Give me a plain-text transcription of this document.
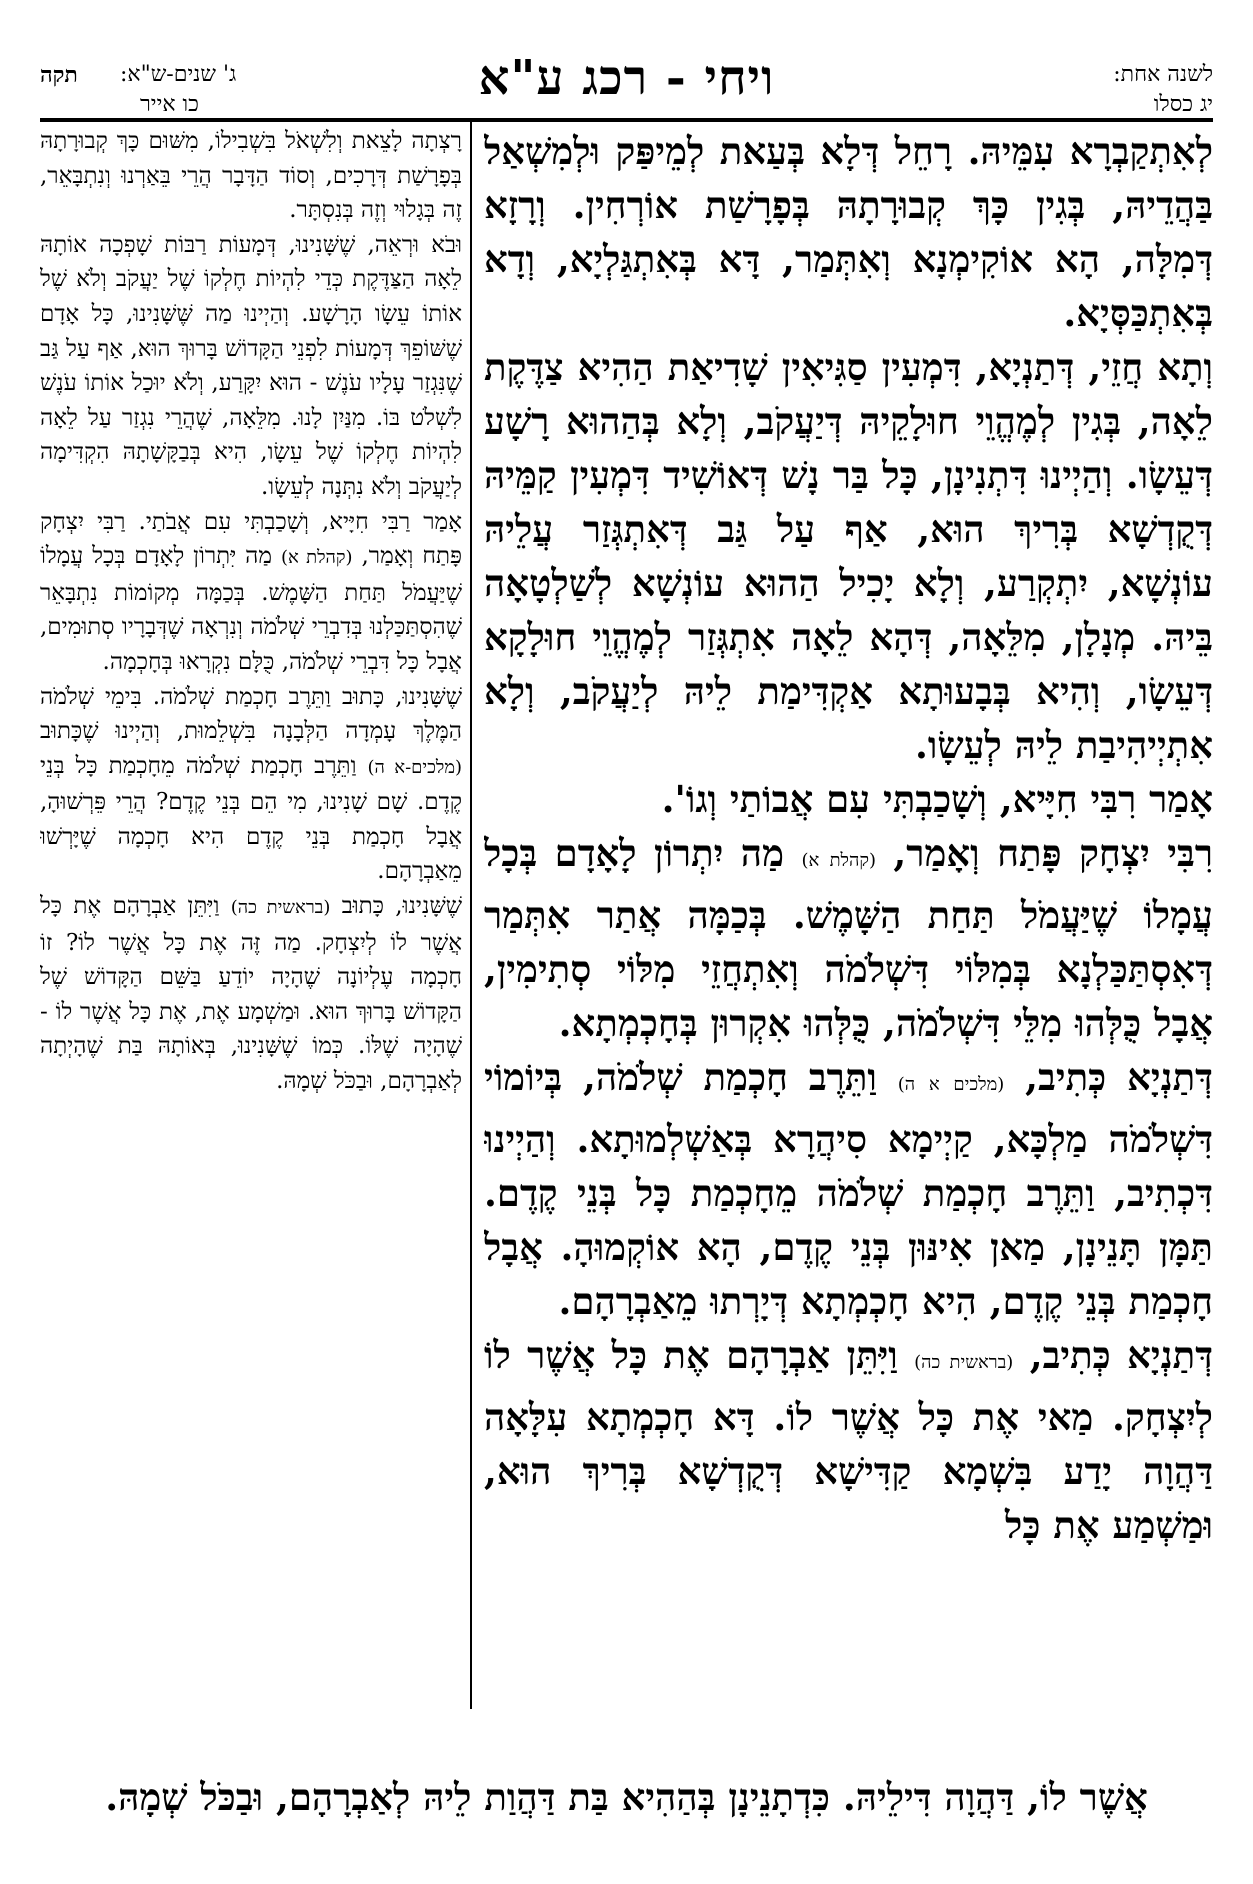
לשנה אחת:
יג כסלו
ויחי - רכג ע"א
תקה ג' שנים-ש"א:
כו אייר

לְאִתְקַבְרָא עִמֵּיהּ. רָחֵל דְּלָא בְּעַאת לְמֵיפַּק וּלְמִשְׁאַל בַּהֲדֵיהּ, בְּגִין כָּךְ קְבוּרָתָהּ בְּפָרָשַׁת אוֹרְחִין. וְרָזָא דְּמִלָּה, הָא אוֹקִימְנָא וְאִתְּמַר, דָּא בְּאִתְגַּלְיָא, וְדָא בְּאִתְכַּסְּיָא.

וְתָא חֲזֵי, דְּתַנְיָא, דִּמְעִין סַגִּיאִין שָׁדִיאַת הַהִיא צַדֶּקֶת לֵאָה, בְּגִין לְמֶהֱוֵי חוּלָקֵיהּ דְּיַעֲקֹב, וְלָא בְּהַהוּא רָשָׁע דְּעֵשָׂו. וְהַיְינוּ דִּתְנִינָן, כָּל בַּר נָשׁ דְּאוֹשִׁיד דִּמְעִין קַמֵּיהּ דְּקֻדְשָׁא בְּרִיךְ הוּא, אַף עַל גַּב דְּאִתְגְּזַר עֲלֵיהּ עוֹנְשָׁא, יִתְקְרַע, וְלָא יָכִיל הַהוּא עוֹנְשָׁא לְשַׁלְטָאָה בֵּיהּ. מְנָלָן, מִלֵּאָה, דְּהָא לֵאָה אִתְגְּזַר לְמֶהֱוֵי חוּלָקָא דְּעֵשָׂו, וְהִיא בְּבָעוּתָא אַקְדִּימַת לֵיהּ לְיַעֲקֹב, וְלָא אִתְיְיהִיבַת לֵיהּ לְעֵשָׂו.

אָמַר רִבִּי חִיָּיא, וְשָׁכַבְתִּי עִם אֲבוֹתַי וְגוֹ'.

רִבִּי יִצְחָק פָּתַח וְאָמַר, (קהלת א) מַה יִתְרוֹן לָאָדָם בְּכָל עֲמָלוֹ שֶׁיַּעֲמֹל תַּחַת הַשָּׁמֶשׁ. בְּכַמָּה אֲתַר אִתְּמַר דְּאִסְתַּכַּלְנָא בְּמִלּוֹי דִּשְׁלֹמֹה וְאִתְחֲזֵי מִלּוֹי סְתִימִין, אֲבָל כֻּלְּהוּ מִלֵּי דִּשְׁלֹמֹה, כֻּלְּהוּ אִקְרוּן בְּחָכְמְתָא.

דְּתַנְיָא כְּתִיב, (מלכים א ה) וַתֵּרֶב חָכְמַת שְׁלֹמֹה, בְּיוֹמוֹי דִּשְׁלֹמֹה מַלְכָּא, קַיְימָא סִיהֲרָא בְּאַשְׁלְמוּתָא. וְהַיְינוּ דִּכְתִיב, וַתֵּרֶב חָכְמַת שְׁלֹמֹה מֵחָכְמַת כָּל בְּנֵי קֶדֶם. תַּמָּן תָּנֵינָן, מַאן אִינּוּן בְּנֵי קֶדֶם, הָא אוֹקְמוּהָ. אֲבָל חָכְמַת בְּנֵי קֶדֶם, הִיא חָכְמְתָא דְּיָרְתוּ מֵאַבְרָהָם.

דְּתַנְיָא כְּתִיב, (בראשית כה) וַיִּתֵּן אַבְרָהָם אֶת כָּל אֲשֶׁר לוֹ לְיִצְחָק. מַאי אֶת כָּל אֲשֶׁר לוֹ. דָּא חָכְמְתָא עִלָּאָה דַּהֲוָה יָדַע בִּשְׁמָא קַדִּישָׁא דְּקֻדְשָׁא בְּרִיךְ הוּא, וּמַשְׁמַע אֶת כָּל

רָצְתָה לָצֵאת וְלִשְׁאֹל בִּשְׁבִילוֹ, מִשּׁוּם כָּךְ קְבוּרָתָהּ בְּפָרָשַׁת דְּרָכִים, וְסוֹד הַדָּבָר הֲרֵי בֵּאַרְנוּ וְנִתְבָּאֵר, זֶה בְּגָלוּי וְזֶה בְּנִסְתָּר.

וּבֹא וּרְאֵה, שֶׁשָּׁנִינוּ, דְּמָעוֹת רַבּוֹת שָׁפְכָה אוֹתָהּ לֵאָה הַצַּדֶּקֶת כְּדֵי לִהְיוֹת חֶלְקוֹ שֶׁל יַעֲקֹב וְלֹא שֶׁל אוֹתוֹ עֵשָׂו הָרָשָׁע. וְהַיְינוּ מַה שֶּׁשָּׁנִינוּ, כָּל אָדָם שֶׁשּׁוֹפֵךְ דְּמָעוֹת לִפְנֵי הַקָּדוֹשׁ בָּרוּךְ הוּא, אַף עַל גַּב שֶׁנִּגְזַר עָלָיו עֹנֶשׁ - הוּא יִקָּרַע, וְלֹא יוּכַל אוֹתוֹ עֹנֶשׁ לִשְׁלֹט בּוֹ. מִנַּיִן לָנוּ. מִלֵּאָה, שֶׁהֲרֵי נִגְזַר עַל לֵאָה לִהְיוֹת חֶלְקוֹ שֶׁל עֵשָׂו, הִיא בְּבַקָּשָׁתָהּ הִקְדִּימָה לְיַעֲקֹב וְלֹא נִתְּנָה לְעֵשָׂו.

אָמַר רַבִּי חִיָּיא, וְשָׁכַבְתִּי עִם אֲבֹתַי. רַבִּי יִצְחָק פָּתַח וְאָמַר, (קהלת א) מַה יִּתְרוֹן לָאָדָם בְּכָל עֲמָלוֹ שֶׁיַּעֲמֹל תַּחַת הַשָּׁמֶשׁ. בְּכַמָּה מְקוֹמוֹת נִתְבָּאֵר שֶׁהִסְתַּכַּלְנוּ בְּדִבְרֵי שְׁלֹמֹה וְנִרְאָה שֶׁדְּבָרָיו סְתוּמִים, אֲבָל כָּל דִּבְרֵי שְׁלֹמֹה, כֻּלָּם נִקְרָאוּ בְּחָכְמָה.

שֶׁשָּׁנִינוּ, כָּתוּב וַתֵּרֶב חָכְמַת שְׁלֹמֹה. בִּימֵי שְׁלֹמֹה הַמֶּלֶךְ עָמְדָה הַלְּבָנָה בִּשְׁלֵמוּת, וְהַיְינוּ שֶׁכָּתוּב (מלכים-א ה) וַתֵּרֶב חָכְמַת שְׁלֹמֹה מֵחָכְמַת כָּל בְּנֵי קֶדֶם. שָׁם שָׁנִינוּ, מִי הֵם בְּנֵי קֶדֶם? הֲרֵי פֵּרְשׁוּהָ, אֲבָל חָכְמַת בְּנֵי קֶדֶם הִיא חָכְמָה שֶׁיָּרְשׁוּ מֵאַבְרָהָם.

שֶׁשָּׁנִינוּ, כָּתוּב (בראשית כה) וַיִּתֵּן אַבְרָהָם אֶת כָּל אֲשֶׁר לוֹ לְיִצְחָק. מַה זֶּה אֶת כָּל אֲשֶׁר לוֹ? זוֹ חָכְמָה עֶלְיוֹנָה שֶׁהָיָה יוֹדֵעַ בַּשֵּׁם הַקָּדוֹשׁ שֶׁל הַקָּדוֹשׁ בָּרוּךְ הוּא. וּמַשְׁמָע אֶת, אֶת כָּל אֲשֶׁר לוֹ - שֶׁהָיָה שֶׁלּוֹ. כְּמוֹ שֶׁשָּׁנִינוּ, בְּאוֹתָהּ בַּת שֶׁהָיְתָה לְאַבְרָהָם, וּבַכֹּל שְׁמָהּ.

אֲשֶׁר לוֹ, דַּהֲוָה דִּילֵיהּ. כִּדְתָנֵינָן בְּהַהִיא בַּת דַּהֲוַת לֵיהּ לְאַבְרָהָם, וּבַכֹּל שְׁמָהּ.
